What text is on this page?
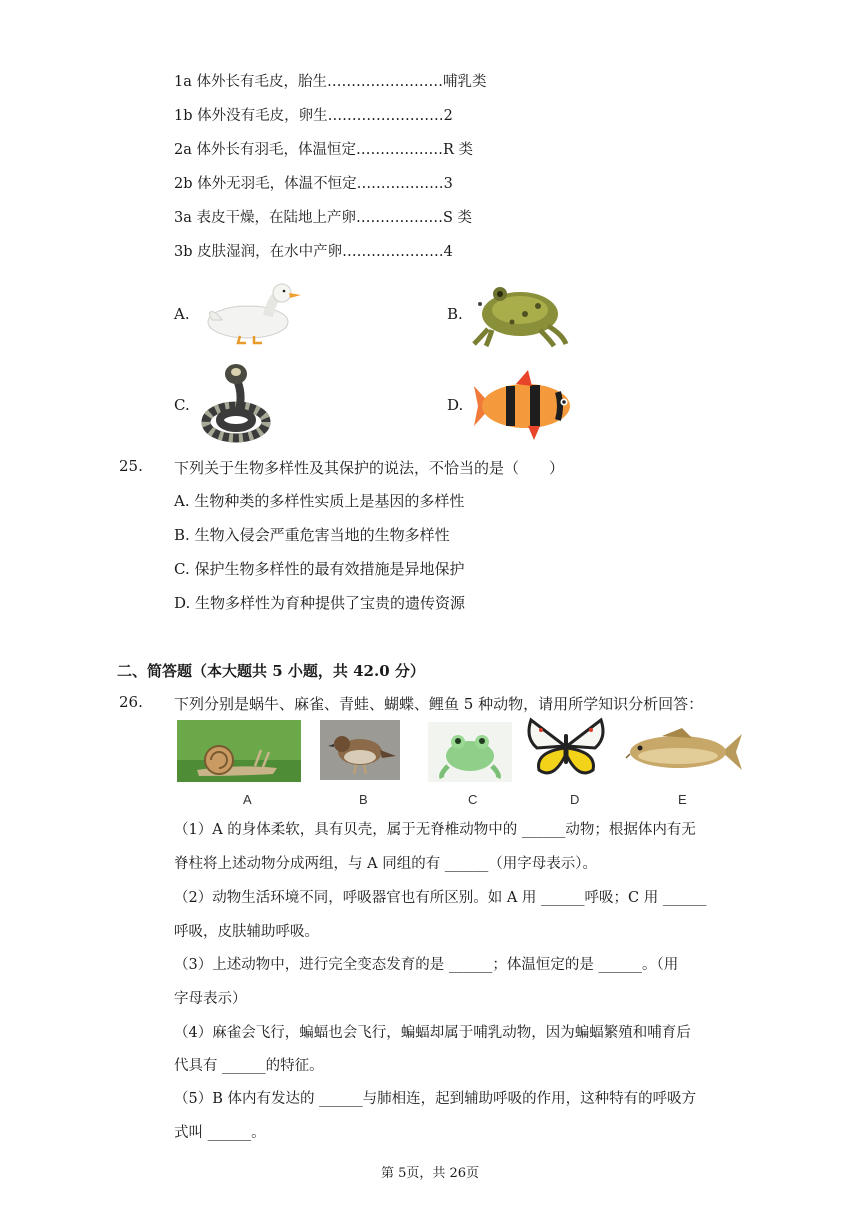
1a 体外长有毛皮，胎生……………………哺乳类
1b 体外没有毛皮，卵生……………………2
2a 体外长有羽毛，体温恒定………………R 类
2b 体外无羽毛，体温不恒定………………3
3a 表皮干燥，在陆地上产卵………………S 类
3b 皮肤湿润，在水中产卵…………………4
A.	B.
C.	D.
25. 下列关于生物多样性及其保护的说法，不恰当的是（　　）
A. 生物种类的多样性实质上是基因的多样性
B. 生物入侵会严重危害当地的生物多样性
C. 保护生物多样性的最有效措施是异地保护
D. 生物多样性为育种提供了宝贵的遗传资源
二、简答题（本大题共 5 小题，共 42.0 分）
26. 下列分别是蜗牛、麻雀、青蛙、蝴蝶、鲤鱼 5 种动物，请用所学知识分析回答：
A	B	C	D	E
（1）A 的身体柔软，具有贝壳，属于无脊椎动物中的 ______动物；根据体内有无
脊柱将上述动物分成两组，与 A 同组的有 ______（用字母表示）。
（2）动物生活环境不同，呼吸器官也有所区别。如 A 用 ______呼吸；C 用 ______
呼吸，皮肤辅助呼吸。
（3）上述动物中，进行完全变态发育的是 ______；体温恒定的是 ______。（用
字母表示）
（4）麻雀会飞行，蝙蝠也会飞行，蝙蝠却属于哺乳动物，因为蝙蝠繁殖和哺育后
代具有 ______的特征。
（5）B 体内有发达的 ______与肺相连，起到辅助呼吸的作用，这种特有的呼吸方
式叫 ______。
第 5页，共 26页
